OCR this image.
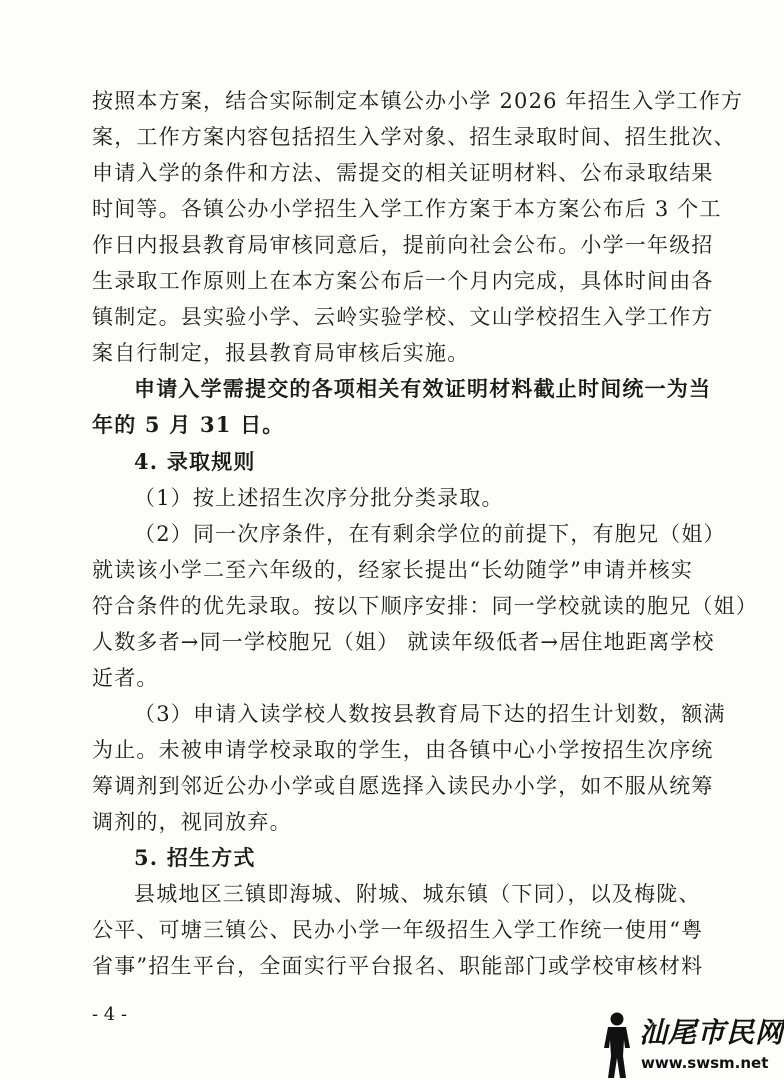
按照本方案，结合实际制定本镇公办小学 2026 年招生入学工作方
案，工作方案内容包括招生入学对象、招生录取时间、招生批次、
申请入学的条件和方法、需提交的相关证明材料、公布录取结果
时间等。各镇公办小学招生入学工作方案于本方案公布后 3 个工
作日内报县教育局审核同意后，提前向社会公布。小学一年级招
生录取工作原则上在本方案公布后一个月内完成，具体时间由各
镇制定。县实验小学、云岭实验学校、文山学校招生入学工作方
案自行制定，报县教育局审核后实施。
申请入学需提交的各项相关有效证明材料截止时间统一为当
年的 5 月 31 日。
4. 录取规则
（1）按上述招生次序分批分类录取。
（2）同一次序条件，在有剩余学位的前提下，有胞兄（姐）
就读该小学二至六年级的，经家长提出“长幼随学”申请并核实
符合条件的优先录取。按以下顺序安排：同一学校就读的胞兄（姐）
人数多者→同一学校胞兄（姐） 就读年级低者→居住地距离学校
近者。
（3）申请入读学校人数按县教育局下达的招生计划数，额满
为止。未被申请学校录取的学生，由各镇中心小学按招生次序统
筹调剂到邻近公办小学或自愿选择入读民办小学，如不服从统筹
调剂的，视同放弃。
5. 招生方式
县城地区三镇即海城、附城、城东镇（下同），以及梅陇、
公平、可塘三镇公、民办小学一年级招生入学工作统一使用“粤
省事”招生平台，全面实行平台报名、职能部门或学校审核材料
- 4 -
汕尾市民网
www.swsm.net
